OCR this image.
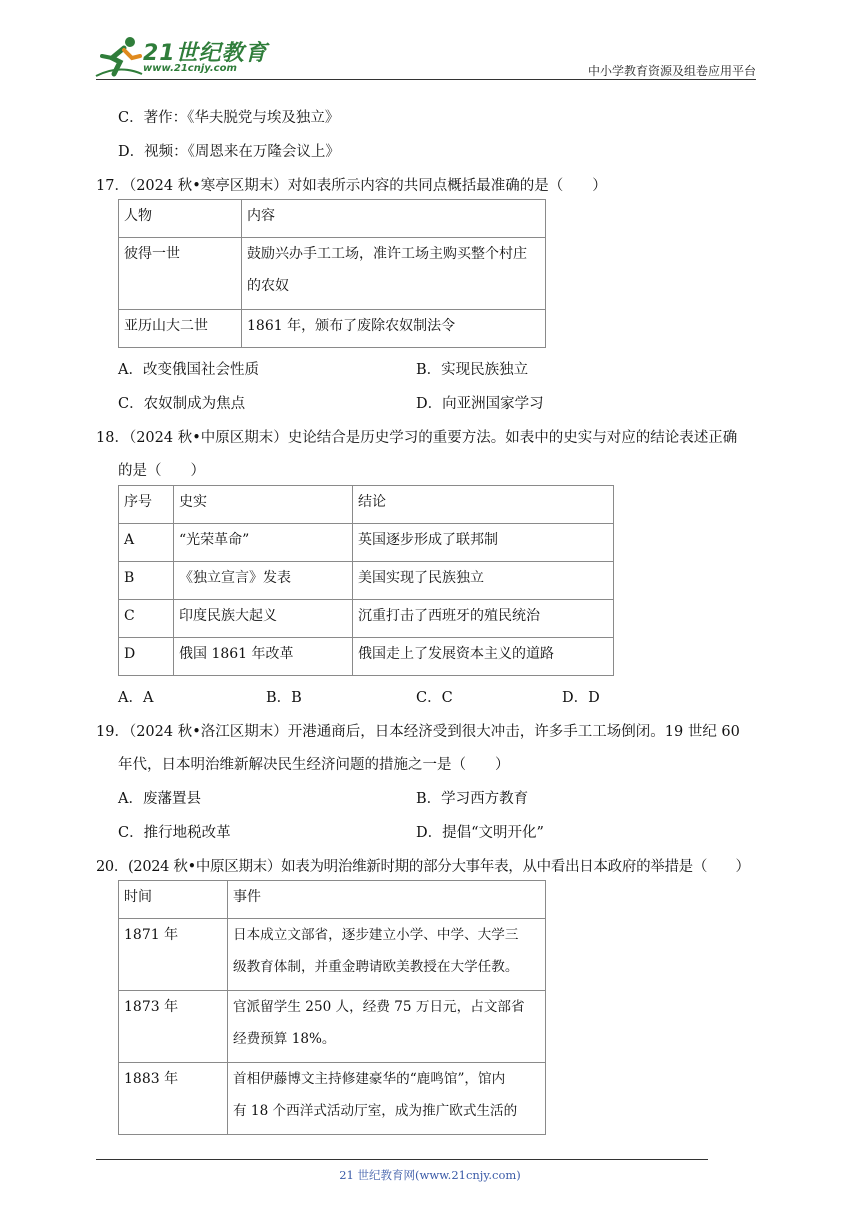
21世纪教育
www.21cnjy.com	中小学教育资源及组卷应用平台
C．著作：《华夫脱党与埃及独立》
D．视频：《周恩来在万隆会议上》
17．（2024 秋•寒亭区期末）对如表所示内容的共同点概括最准确的是（　　）
人物	内容
彼得一世	鼓励兴办手工工场，准许工场主购买整个村庄
的农奴

亚历山大二世	1861 年，颁布了废除农奴制法令
A．改变俄国社会性质	B．实现民族独立
C．农奴制成为焦点	D．向亚洲国家学习
18．（2024 秋•中原区期末）史论结合是历史学习的重要方法。如表中的史实与对应的结论表述正确
的是（　　）
序号	史实	结论
A	“光荣革命”	英国逐步形成了联邦制
B	《独立宣言》发表	美国实现了民族独立
C	印度民族大起义	沉重打击了西班牙的殖民统治
D	俄国 1861 年改革	俄国走上了发展资本主义的道路
A．A	B．B	C．C	D．D
19．（2024 秋•洛江区期末）开港通商后，日本经济受到很大冲击，许多手工工场倒闭。19 世纪 60
年代，日本明治维新解决民生经济问题的措施之一是（　　）
A．废藩置县	B．学习西方教育
C．推行地税改革	D．提倡“文明开化”
20．(2024 秋•中原区期末）如表为明治维新时期的部分大事年表，从中看出日本政府的举措是（　　）
时间	事件
1871 年	日本成立文部省，逐步建立小学、中学、大学三
级教育体制，并重金聘请欧美教授在大学任教。

1873 年	官派留学生 250 人，经费 75 万日元，占文部省
经费预算 18%。

1883 年	首相伊藤博文主持修建豪华的“鹿鸣馆”，馆内
有 18 个西洋式活动厅室，成为推广欧式生活的
21 世纪教育网(www.21cnjy.com)
